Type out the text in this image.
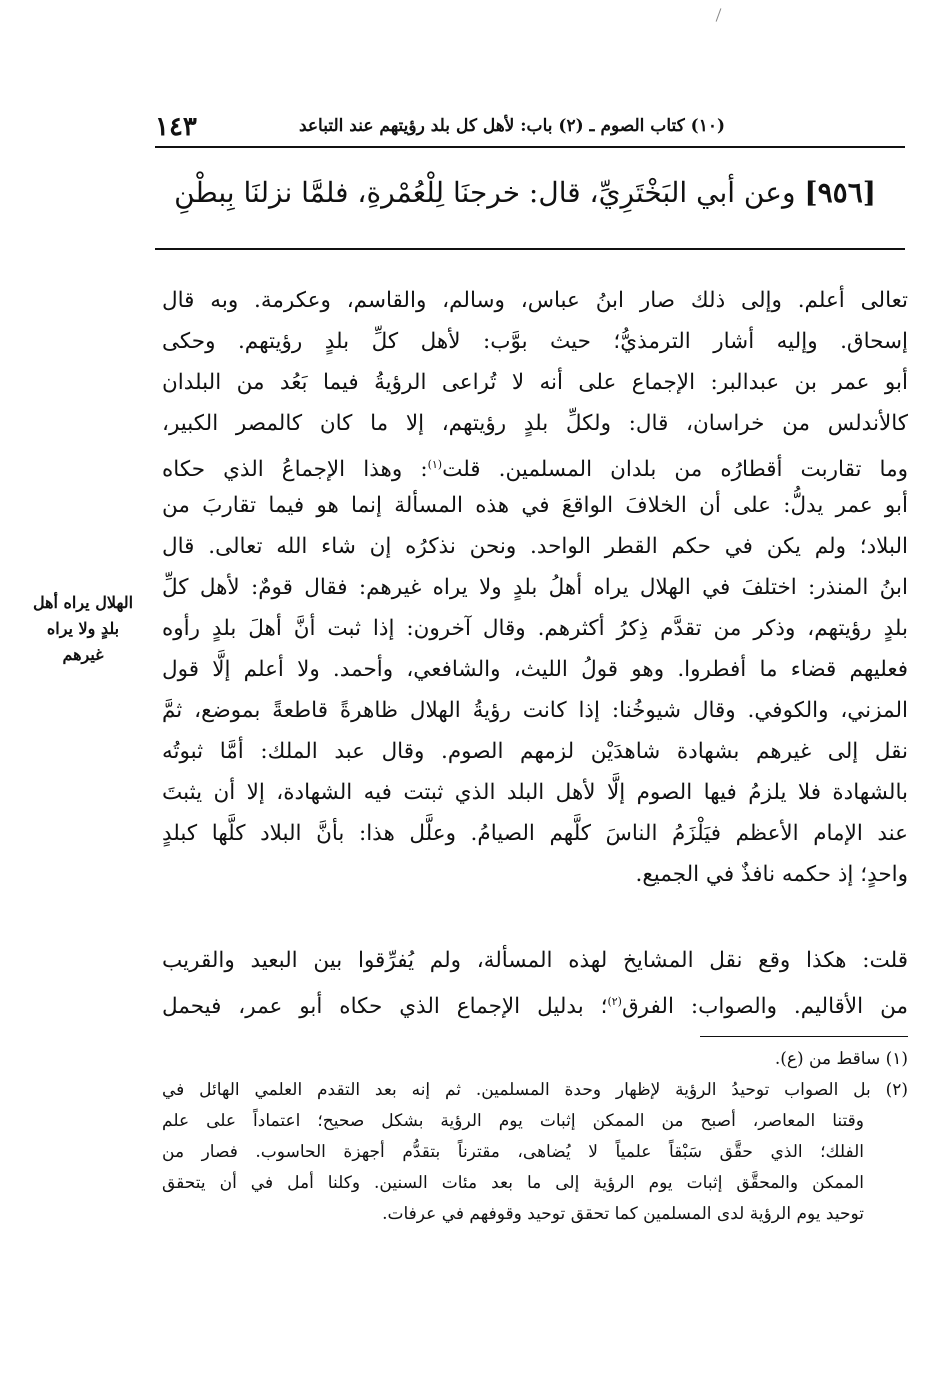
١٤٣	(١٠) كتاب الصوم ـ (٢) باب: لأهل كل بلد رؤيتهم عند التباعد
[٩٥٦] وعن أبي البَخْتَرِيِّ، قال: خرجنَا لِلْعُمْرةِ، فلمَّا نزلنَا بِبطْنِ
تعالى أعلم. وإلى ذلك صار ابنُ عباس، وسالم، والقاسم، وعكرمة. وبه قال
إسحاق. وإليه أشار الترمذيُّ؛ حيث بوَّب: لأهل كلِّ بلدٍ رؤيتهم. وحكى
أبو عمر بن عبدالبر: الإجماع على أنه لا تُراعى الرؤيةُ فيما بَعُد من البلدان
كالأندلس من خراسان، قال: ولكلِّ بلدٍ رؤيتهم، إلا ما كان كالمصر الكبير،
وما تقاربت أقطارُه من بلدان المسلمين. قلت$^{(١)}$: وهذا الإجماعُ الذي حكاه
أبو عمر يدلُّ: على أن الخلافَ الواقعَ في هذه المسألة إنما هو فيما تقاربَ من
البلاد؛ ولم يكن في حكم القطر الواحد. ونحن نذكرُه إن شاء الله تعالى. قال
ابنُ المنذر: اختلفَ في الهلال يراه أهلُ بلدٍ ولا يراه غيرهم: فقال قومٌ: لأهل كلِّ
بلدٍ رؤيتهم، وذكر من تقدَّم ذِكرُ أكثرهم. وقال آخرون: إذا ثبت أنَّ أهلَ بلدٍ رأوه
فعليهم قضاء ما أفطروا. وهو قولُ الليث، والشافعي، وأحمد. ولا أعلم إلَّا قول
المزني، والكوفي. وقال شيوخُنا: إذا كانت رؤيةُ الهلال ظاهرةً قاطعةً بموضع، ثمَّ
نقل إلى غيرهم بشهادة شاهدَيْن لزمهم الصوم. وقال عبد الملك: أمَّا ثبوتُه
بالشهادة فلا يلزمُ فيها الصوم إلَّا لأهل البلد الذي ثبتت فيه الشهادة، إلا أن يثبتَ
عند الإمام الأعظم فيَلْزَمُ الناسَ كلَّهم الصيامُ. وعلَّل هذا: بأنَّ البلاد كلَّها كبلدٍ
واحدٍ؛ إذ حكمه نافذٌ في الجميع.
الهلال يراه أهل
بلدٍ ولا يراه
غيرهم
قلت: هكذا وقع نقل المشايخ لهذه المسألة، ولم يُفرِّقوا بين البعيد والقريب
من الأقاليم. والصواب: الفرق$^{(٢)}$؛ بدليل الإجماع الذي حكاه أبو عمر، فيحمل
(١) ساقط من (ع).
(٢) بل الصواب توحيدُ الرؤية لإظهار وحدة المسلمين. ثم إنه بعد التقدم العلمي الهائل في
وقتنا المعاصر، أصبح من الممكن إثبات يوم الرؤية بشكل صحيح؛ اعتماداً على علم
الفلك؛ الذي حقَّق سَبْقاً علمياً لا يُضاهى، مقترناً بتقدُّم أجهزة الحاسوب. فصار من
الممكن والمحقَّق إثبات يوم الرؤية إلى ما بعد مئات السنين. وكلنا أمل في أن يتحقق
توحيد يوم الرؤية لدى المسلمين كما تحقق توحيد وقوفهم في عرفات.
